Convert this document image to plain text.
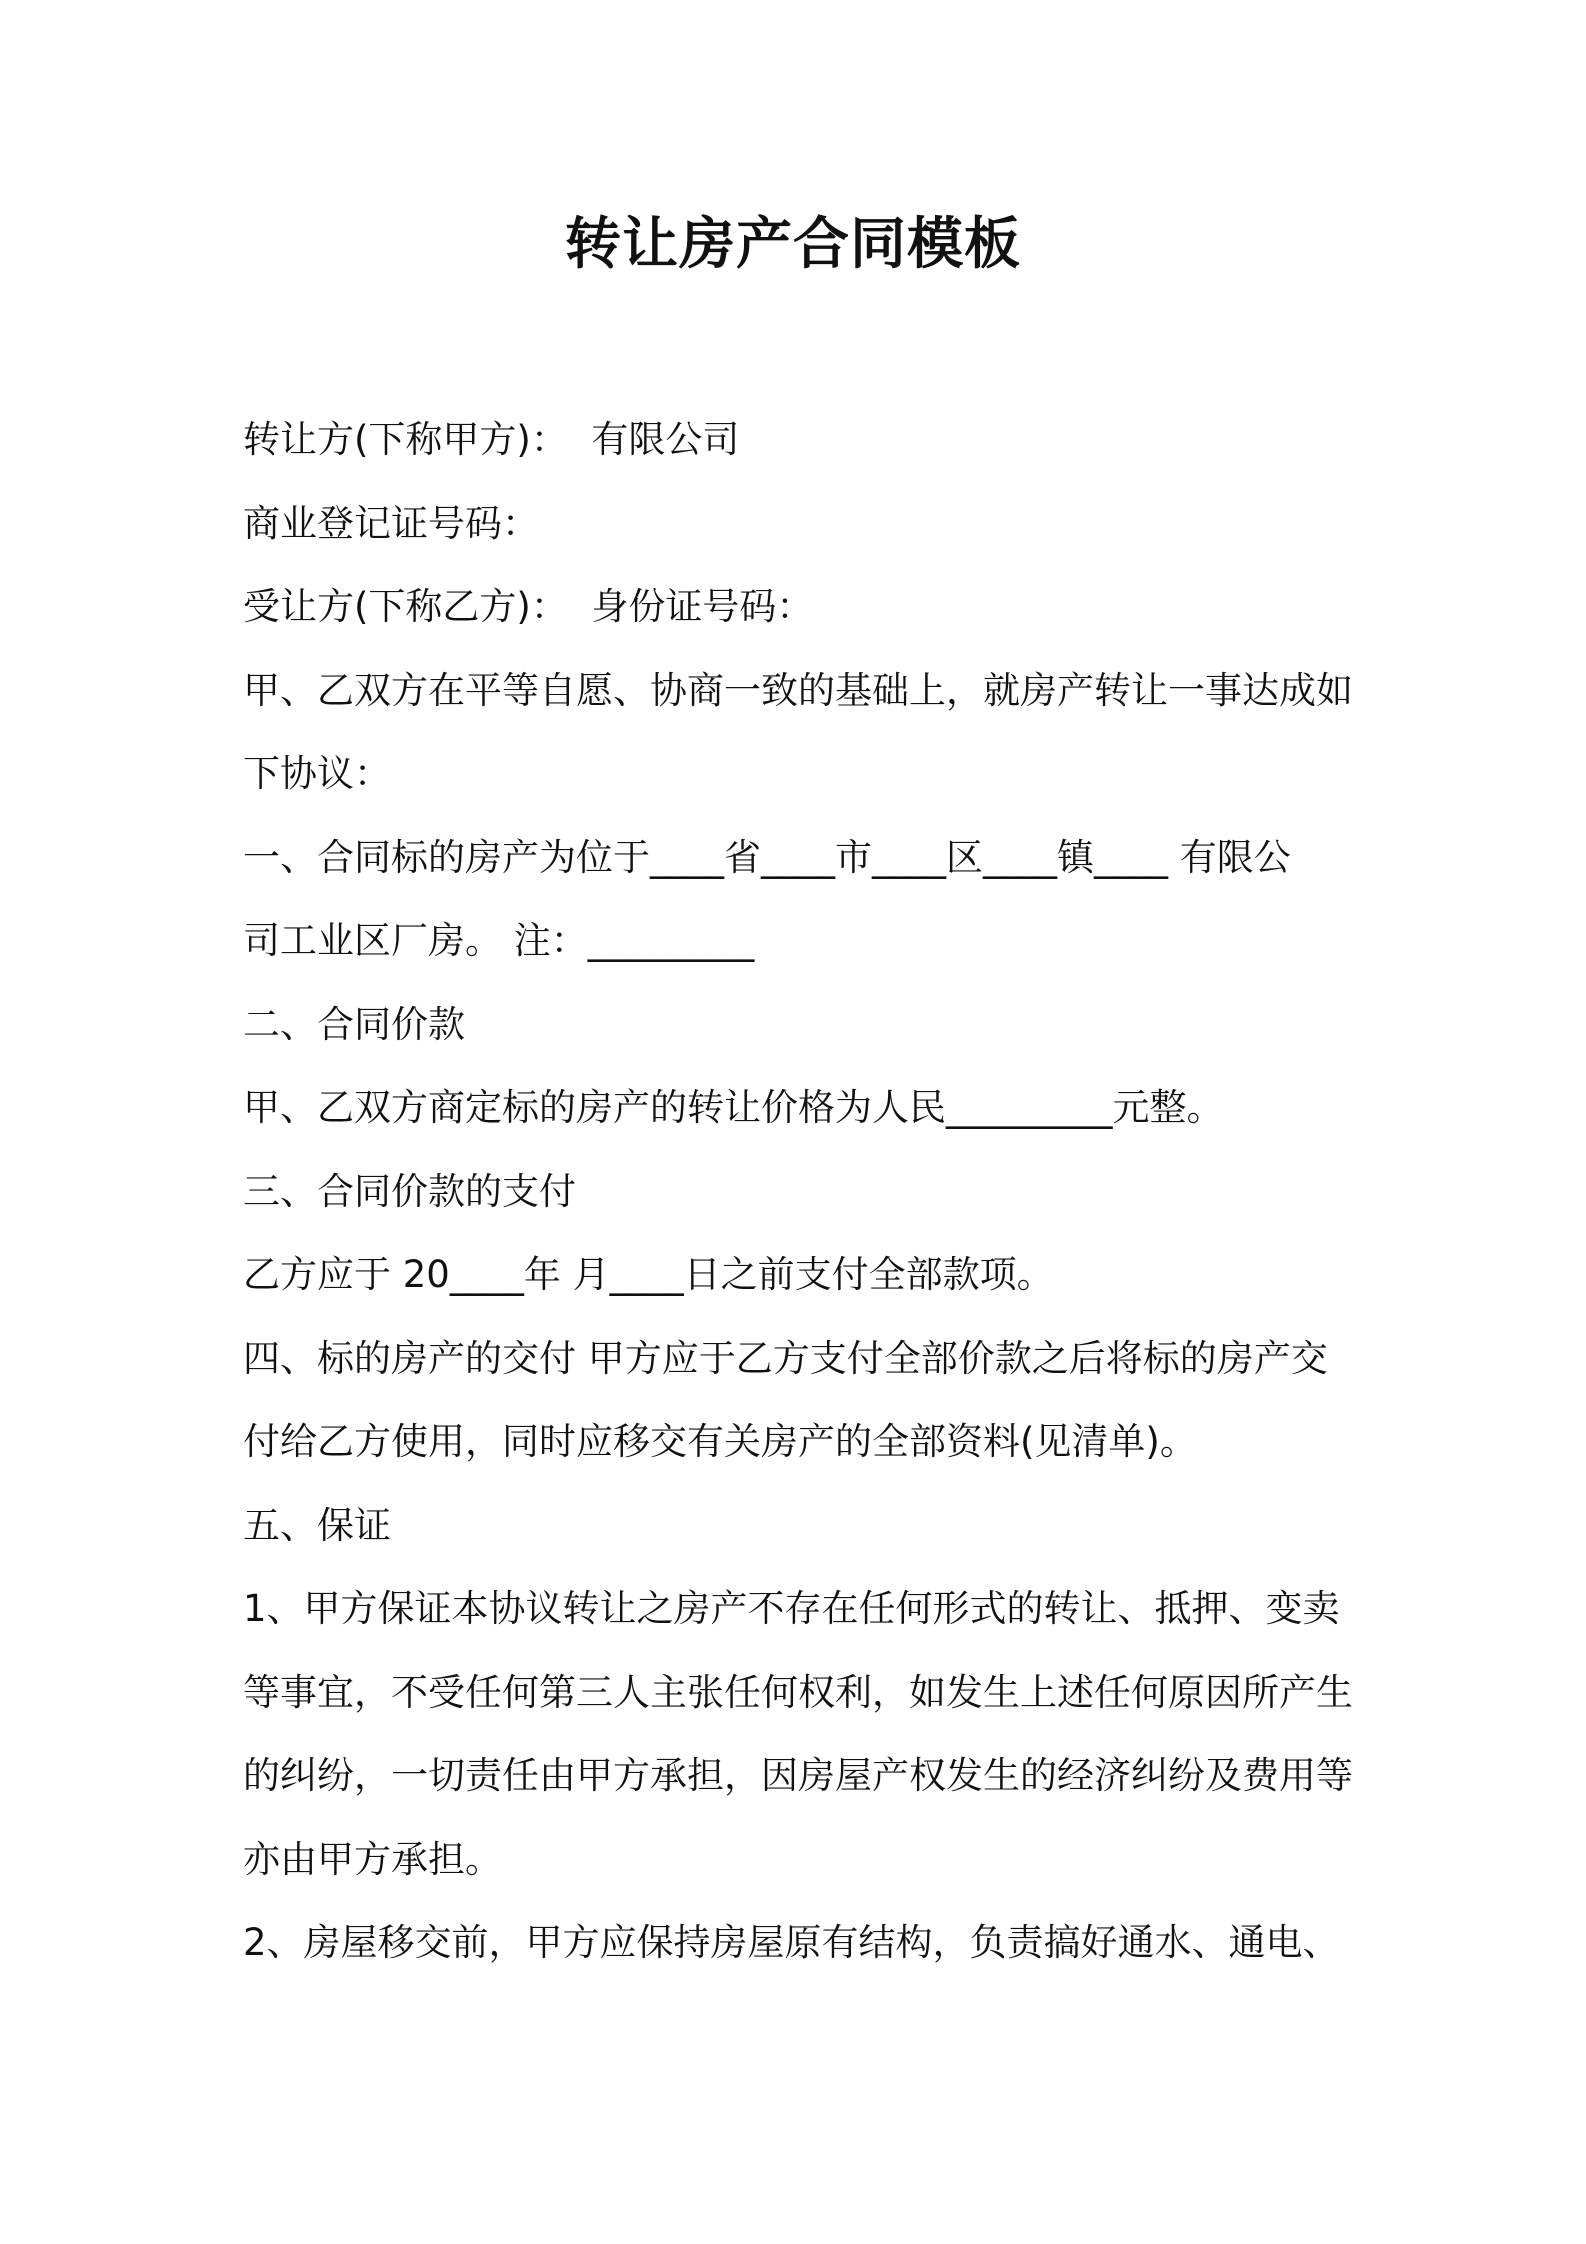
转让房产合同模板
转让方(下称甲方)：  有限公司
商业登记证号码：
受让方(下称乙方)：  身份证号码：
甲、乙双方在平等自愿、协商一致的基础上，就房产转让一事达成如
下协议：
一、合同标的房产为位于____省____市____区____镇____ 有限公
司工业区厂房。 注：_________
二、合同价款
甲、乙双方商定标的房产的转让价格为人民_________元整。
三、合同价款的支付
乙方应于 20____年 月____日之前支付全部款项。
四、标的房产的交付 甲方应于乙方支付全部价款之后将标的房产交
付给乙方使用，同时应移交有关房产的全部资料(见清单)。
五、保证
1、甲方保证本协议转让之房产不存在任何形式的转让、抵押、变卖
等事宜，不受任何第三人主张任何权利，如发生上述任何原因所产生
的纠纷，一切责任由甲方承担，因房屋产权发生的经济纠纷及费用等
亦由甲方承担。
2、房屋移交前，甲方应保持房屋原有结构，负责搞好通水、通电、
